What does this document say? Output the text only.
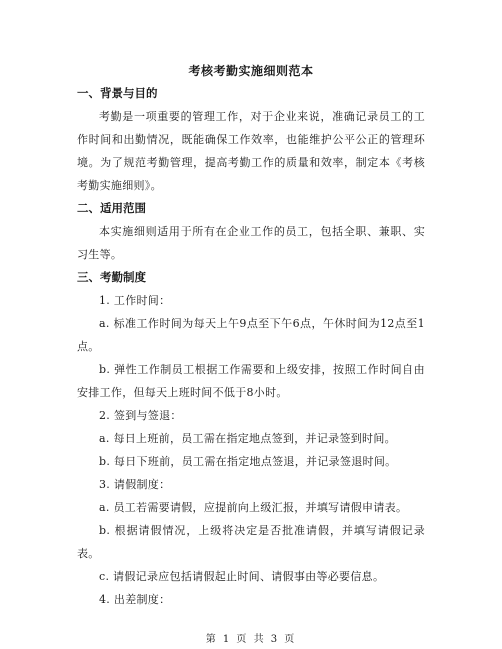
考核考勤实施细则范本
一、背景与目的

考勤是一项重要的管理工作，对于企业来说，准确记录员工的工作时间和出勤情况，既能确保工作效率，也能维护公平公正的管理环境。为了规范考勤管理，提高考勤工作的质量和效率，制定本《考核考勤实施细则》。

二、适用范围

本实施细则适用于所有在企业工作的员工，包括全职、兼职、实习生等。

三、考勤制度

1. 工作时间：

a. 标准工作时间为每天上午9点至下午6点，午休时间为12点至1点。

b. 弹性工作制员工根据工作需要和上级安排，按照工作时间自由安排工作，但每天上班时间不低于8小时。

2. 签到与签退：

a. 每日上班前，员工需在指定地点签到，并记录签到时间。

b. 每日下班前，员工需在指定地点签退，并记录签退时间。

3. 请假制度：

a. 员工若需要请假，应提前向上级汇报，并填写请假申请表。

b. 根据请假情况，上级将决定是否批准请假，并填写请假记录表。

c. 请假记录应包括请假起止时间、请假事由等必要信息。

4. 出差制度：

第 1 页 共 3 页
